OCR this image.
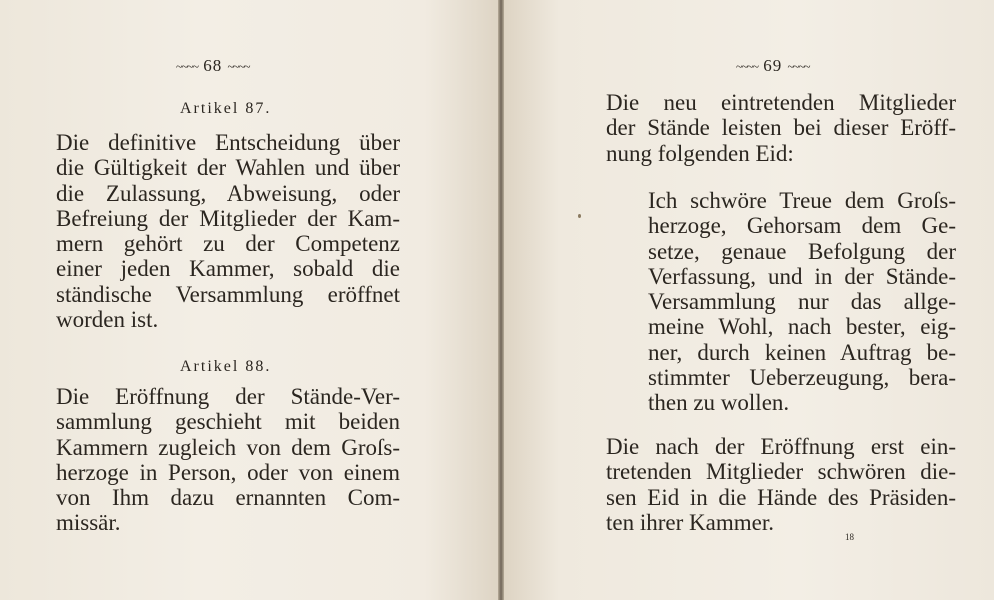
~~~~ 68 ~~~~
Artikel 87.

Die definitive Entscheidung über
die Gültigkeit der Wahlen und über
die Zulassung, Abweisung, oder
Befreiung der Mitglieder der Kam-
mern gehört zu der Competenz
einer jeden Kammer, sobald die
ständische Versammlung eröffnet
worden ist.

Artikel 88.

Die Eröffnung der Stände-Ver-
sammlung geschieht mit beiden
Kammern zugleich von dem Groſs-
herzoge in Person, oder von einem
von Ihm dazu ernannten Com-
missär.

~~~~ 69 ~~~~

Die neu eintretenden Mitglieder
der Stände leisten bei dieser Eröff-
nung folgenden Eid:

Ich schwöre Treue dem Groſs-
herzoge, Gehorsam dem Ge-
setze, genaue Befolgung der
Verfassung, und in der Stände-
Versammlung nur das allge-
meine Wohl, nach bester, eig-
ner, durch keinen Auftrag be-
stimmter Ueberzeugung, bera-
then zu wollen.

Die nach der Eröffnung erst ein-
tretenden Mitglieder schwören die-
sen Eid in die Hände des Präsiden-
ten ihrer Kammer.

18
